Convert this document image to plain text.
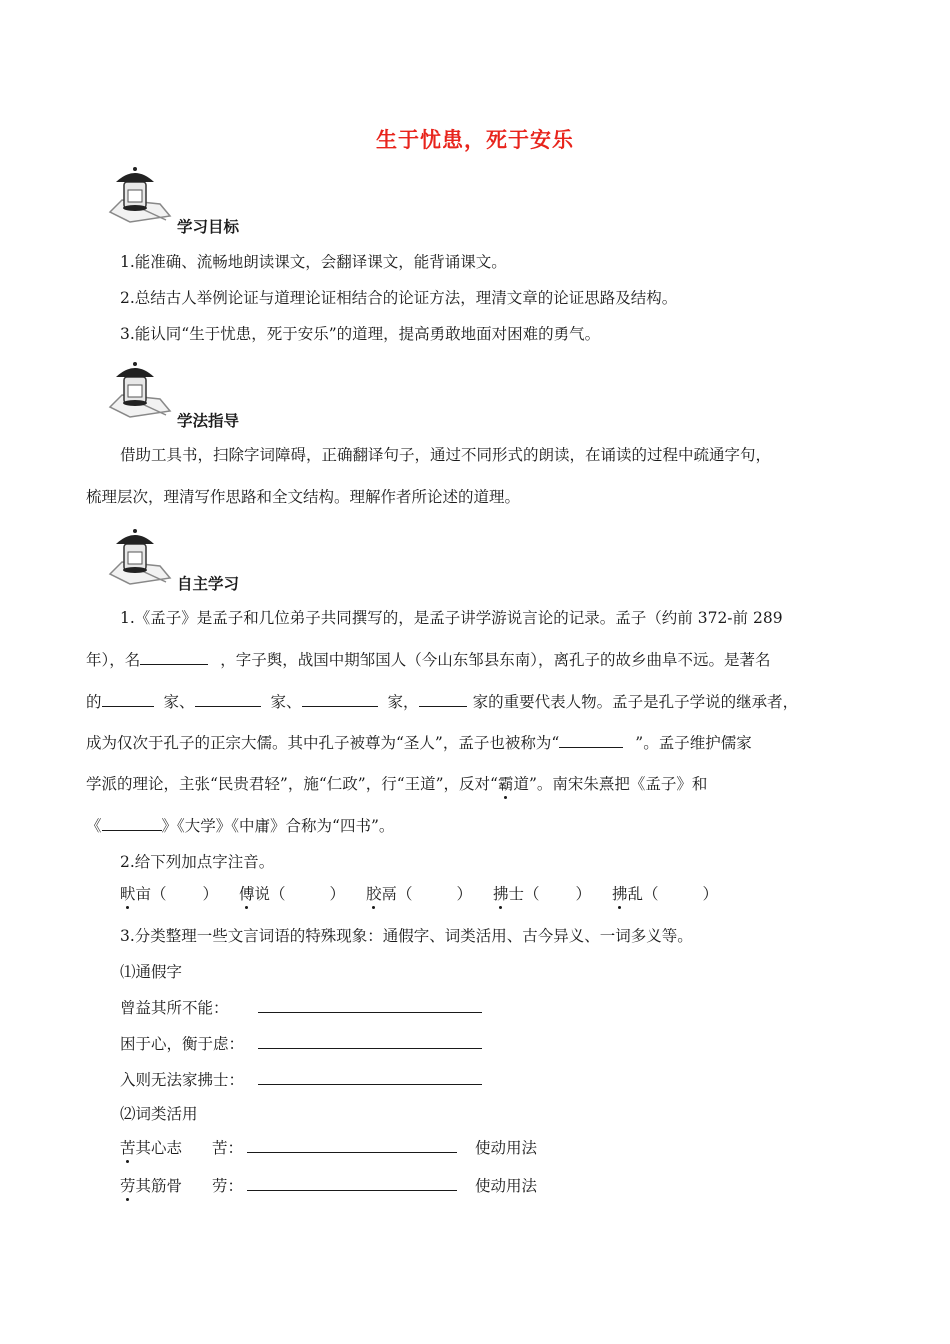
生于忧患，死于安乐
学习目标
1.能准确、流畅地朗读课文，会翻译课文，能背诵课文。
2.总结古人举例论证与道理论证相结合的论证方法，理清文章的论证思路及结构。
3.能认同“生于忧患，死于安乐”的道理，提高勇敢地面对困难的勇气。
学法指导
借助工具书，扫除字词障碍，正确翻译句子，通过不同形式的朗读，在诵读的过程中疏通字句，
梳理层次，理清写作思路和全文结构。理解作者所论述的道理。
自主学习
1.《孟子》是孟子和几位弟子共同撰写的，是孟子讲学游说言论的记录。孟子（约前 372-前 289
年），名	，字子舆，战国中期邹国人（今山东邹县东南），离孔子的故乡曲阜不远。是著名
的	家、	家、	家，	家的重要代表人物。孟子是孔子学说的继承者，
成为仅次于孔子的正宗大儒。其中孔子被尊为“圣人”，孟子也被称为“	”。孟子维护儒家
学派的理论，主张“民贵君轻”，施“仁政”，行“王道”，反对“霸道”。南宋朱熹把《孟子》和
《	》《大学》《中庸》合称为“四书”。
2.给下列加点字注音。
畎亩（ ） 傅说（	） 胶鬲（	） 拂士（ ） 拂乱（	）
3.分类整理一些文言词语的特殊现象：通假字、词类活用、古今异义、一词多义等。
⑴通假字
曾益其所不能：
困于心，衡于虑：
入则无法家拂士：
⑵词类活用
苦其心志 苦：	使动用法
劳其筋骨 劳：	使动用法
